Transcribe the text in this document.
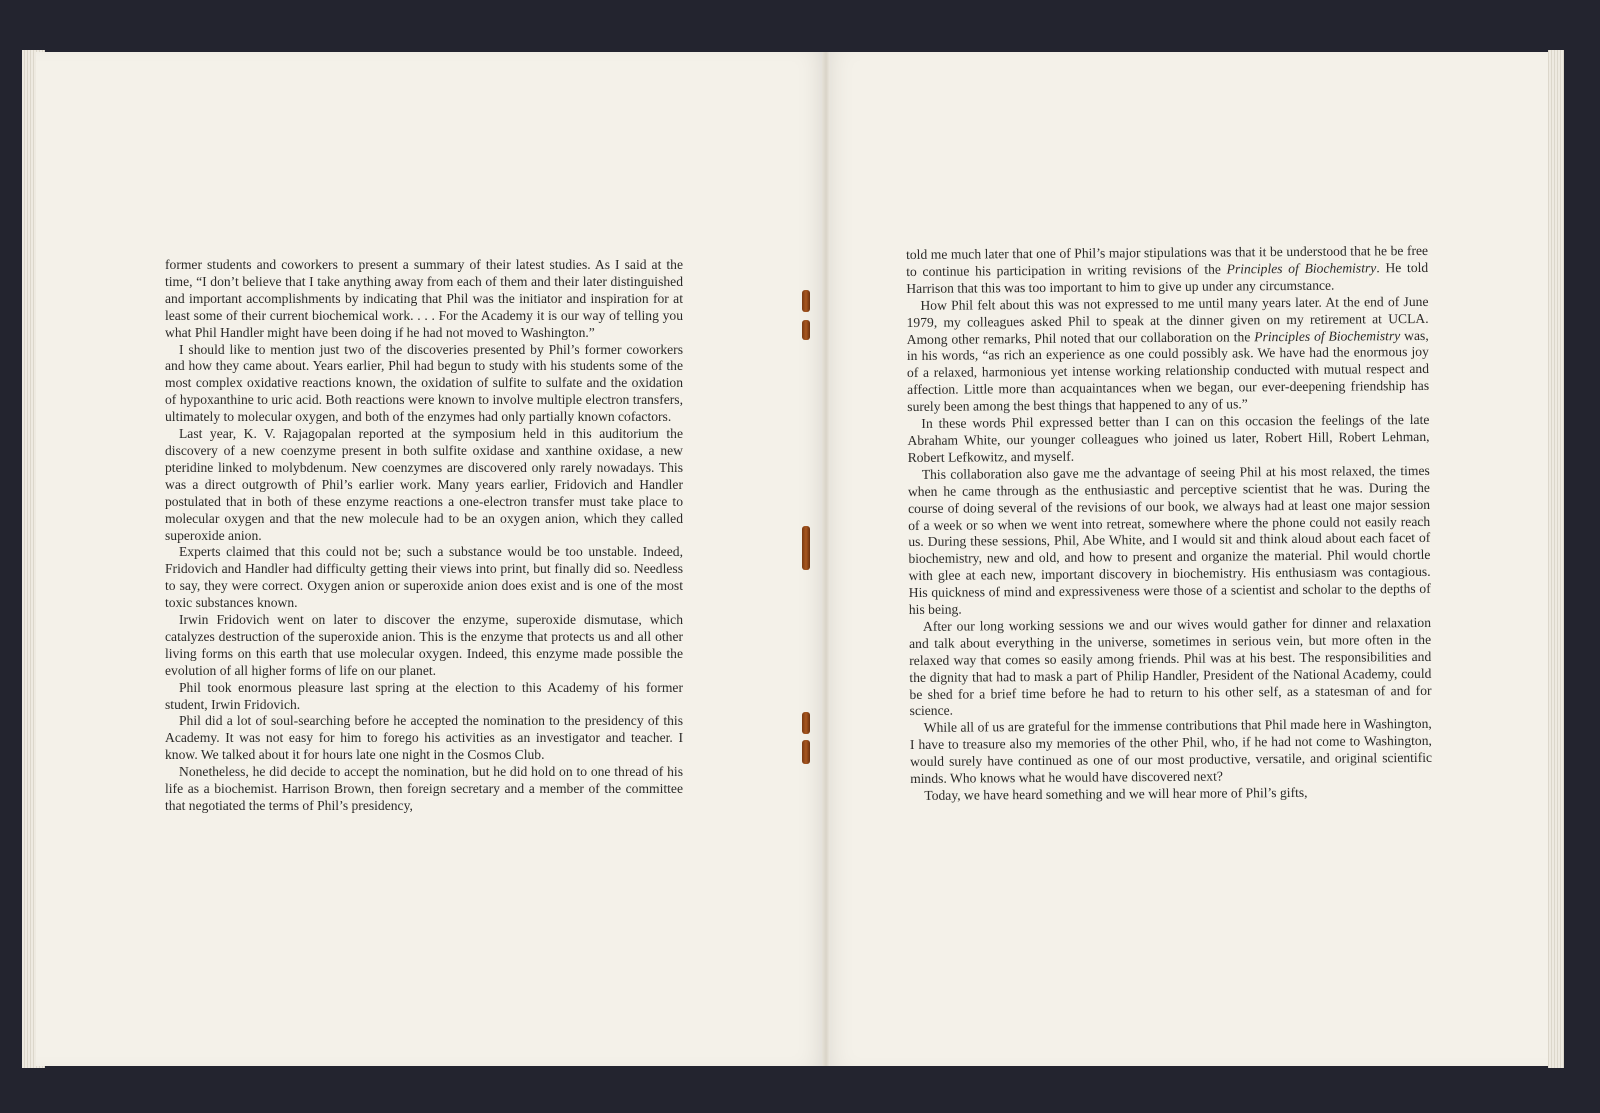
former students and coworkers to present a summary of their latest studies. As I said at the time, “I don’t believe that I take anything away from each of them and their later distinguished and important accomplishments by indicating that Phil was the initiator and inspiration for at least some of their current biochemical work. . . . For the Academy it is our way of telling you what Phil Handler might have been doing if he had not moved to Washington.”

I should like to mention just two of the discoveries presented by Phil’s former coworkers and how they came about. Years earlier, Phil had begun to study with his students some of the most complex oxidative reactions known, the oxidation of sulfite to sulfate and the oxidation of hypoxanthine to uric acid. Both reactions were known to involve multiple electron transfers, ultimately to molecular oxygen, and both of the enzymes had only partially known cofactors.

Last year, K. V. Rajagopalan reported at the symposium held in this auditorium the discovery of a new coenzyme present in both sulfite oxidase and xanthine oxidase, a new pteridine linked to molybdenum. New coenzymes are discovered only rarely nowadays. This was a direct outgrowth of Phil’s earlier work. Many years earlier, Fridovich and Handler postulated that in both of these enzyme reactions a one-electron transfer must take place to molecular oxygen and that the new molecule had to be an oxygen anion, which they called superoxide anion.

Experts claimed that this could not be; such a substance would be too unstable. Indeed, Fridovich and Handler had difficulty getting their views into print, but finally did so. Needless to say, they were correct. Oxygen anion or superoxide anion does exist and is one of the most toxic substances known.

Irwin Fridovich went on later to discover the enzyme, superoxide dismutase, which catalyzes destruction of the superoxide anion. This is the enzyme that protects us and all other living forms on this earth that use molecular oxygen. Indeed, this enzyme made possible the evolution of all higher forms of life on our planet.

Phil took enormous pleasure last spring at the election to this Academy of his former student, Irwin Fridovich.

Phil did a lot of soul-searching before he accepted the nomination to the presidency of this Academy. It was not easy for him to forego his activities as an investigator and teacher. I know. We talked about it for hours late one night in the Cosmos Club.

Nonetheless, he did decide to accept the nomination, but he did hold on to one thread of his life as a biochemist. Harrison Brown, then foreign secretary and a member of the committee that negotiated the terms of Phil’s presidency,

told me much later that one of Phil’s major stipulations was that it be understood that he be free to continue his participation in writing revisions of the Principles of Biochemistry. He told Harrison that this was too important to him to give up under any circumstance.

How Phil felt about this was not expressed to me until many years later. At the end of June 1979, my colleagues asked Phil to speak at the dinner given on my retirement at UCLA. Among other remarks, Phil noted that our collaboration on the Principles of Biochemistry was, in his words, “as rich an experience as one could possibly ask. We have had the enormous joy of a relaxed, harmonious yet intense working relationship conducted with mutual respect and affection. Little more than acquaintances when we began, our ever-deepening friendship has surely been among the best things that happened to any of us.”

In these words Phil expressed better than I can on this occasion the feelings of the late Abraham White, our younger colleagues who joined us later, Robert Hill, Robert Lehman, Robert Lefkowitz, and myself.

This collaboration also gave me the advantage of seeing Phil at his most relaxed, the times when he came through as the enthusiastic and perceptive scientist that he was. During the course of doing several of the revisions of our book, we always had at least one major session of a week or so when we went into retreat, somewhere where the phone could not easily reach us. During these sessions, Phil, Abe White, and I would sit and think aloud about each facet of biochemistry, new and old, and how to present and organize the material. Phil would chortle with glee at each new, important discovery in biochemistry. His enthusiasm was contagious. His quickness of mind and expressiveness were those of a scientist and scholar to the depths of his being.

After our long working sessions we and our wives would gather for dinner and relaxation and talk about everything in the universe, sometimes in serious vein, but more often in the relaxed way that comes so easily among friends. Phil was at his best. The responsibilities and the dignity that had to mask a part of Philip Handler, President of the National Academy, could be shed for a brief time before he had to return to his other self, as a statesman of and for science.

While all of us are grateful for the immense contributions that Phil made here in Washington, I have to treasure also my memories of the other Phil, who, if he had not come to Washington, would surely have continued as one of our most productive, versatile, and original scientific minds. Who knows what he would have discovered next?

Today, we have heard something and we will hear more of Phil’s gifts,
